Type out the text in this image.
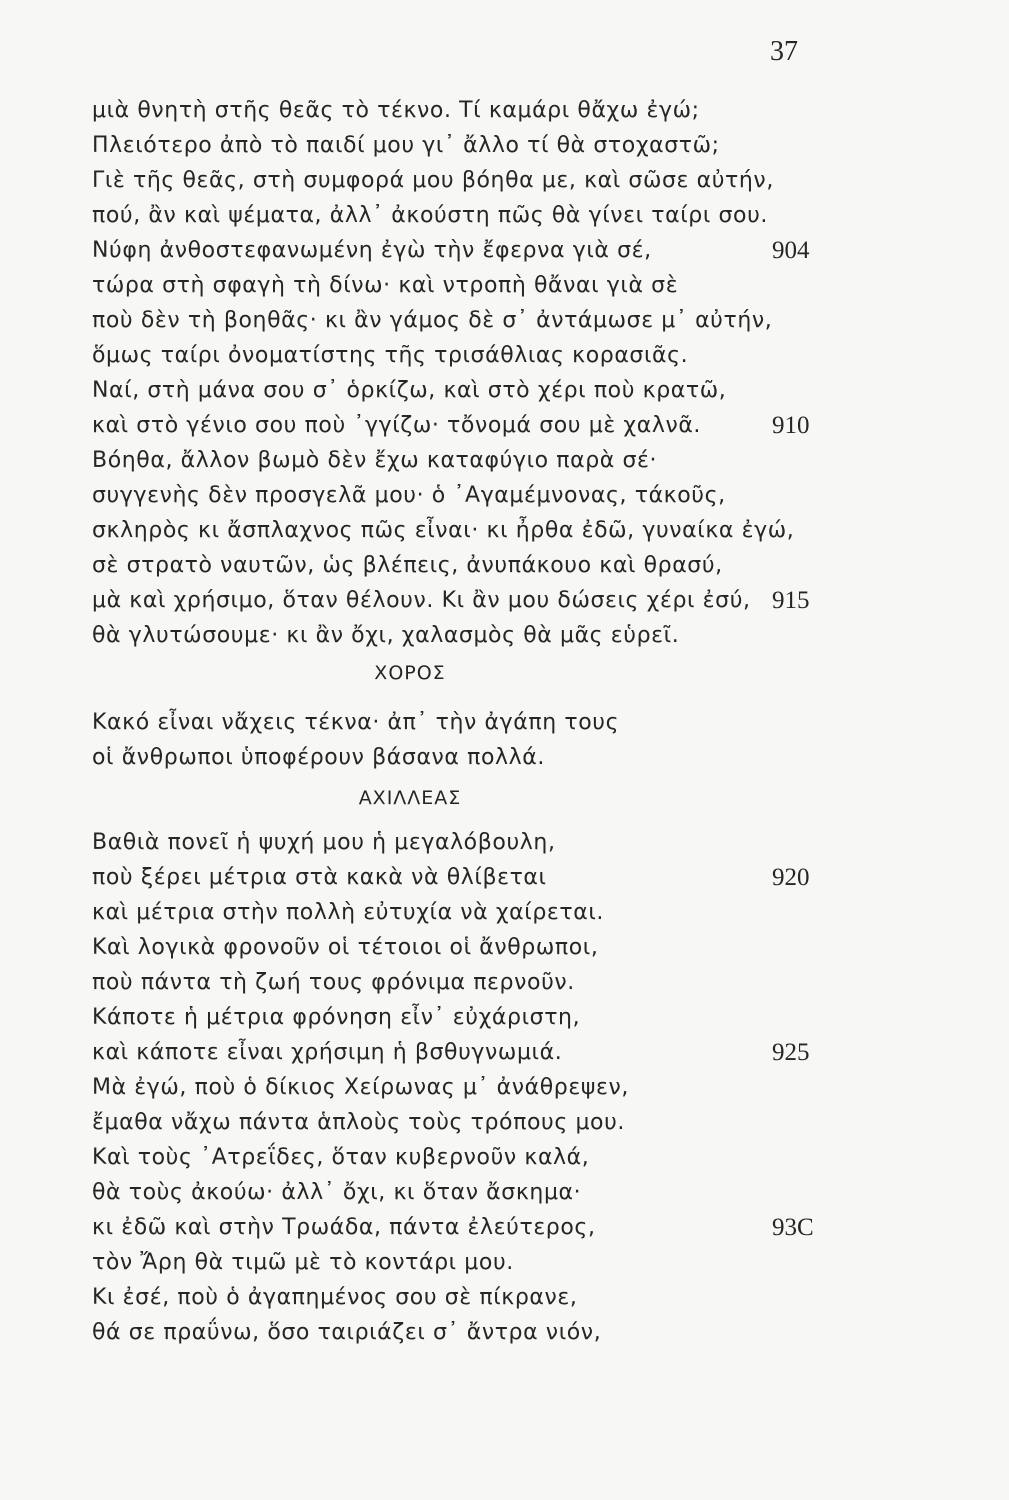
37
μιὰ θνητὴ στῆς θεᾶς τὸ τέκνο. Τί καμάρι θἄχω ἐγώ;
Πλειότερο ἀπὸ τὸ παιδί μου γι᾽ ἄλλο τί θὰ στοχαστῶ;
Γιὲ τῆς θεᾶς, στὴ συμφορά μου βόηθα με, καὶ σῶσε αὐτήν,
πού, ἂν καὶ ψέματα, ἀλλ᾽ ἀκούστη πῶς θὰ γίνει ταίρι σου.
Νύφη ἀνθοστεφανωμένη ἐγὼ τὴν ἔφερνα γιὰ σέ,	904
τώρα στὴ σφαγὴ τὴ δίνω· καὶ ντροπὴ θἄναι γιὰ σὲ
ποὺ δὲν τὴ βοηθᾶς· κι ἂν γάμος δὲ σ᾽ ἀντάμωσε μ᾽ αὐτήν,
ὅμως ταίρι ὀνοματίστης τῆς τρισάθλιας κορασιᾶς.
Ναί, στὴ μάνα σου σ᾽ ὁρκίζω, καὶ στὸ χέρι ποὺ κρατῶ,
καὶ στὸ γένιο σου ποὺ ᾽γγίζω· τὄνομά σου μὲ χαλνᾶ.	910
Βόηθα, ἄλλον βωμὸ δὲν ἔχω καταφύγιο παρὰ σέ·
συγγενὴς δὲν προσγελᾶ μου· ὁ ᾽Αγαμέμνονας, τάκοῦς,
σκληρὸς κι ἄσπλαχνος πῶς εἶναι· κι ἦρθα ἐδῶ, γυναίκα ἐγώ,
σὲ στρατὸ ναυτῶν, ὡς βλέπεις, ἀνυπάκουο καὶ θρασύ,
μὰ καὶ χρήσιμο, ὅταν θέλουν. Κι ἂν μου δώσεις χέρι ἐσύ, 915
θὰ γλυτώσουμε· κι ἂν ὄχι, χαλασμὸς θὰ μᾶς εὑρεῖ.
ΧΟΡΟΣ
Κακό εἶναι νἄχεις τέκνα· ἀπ᾽ τὴν ἀγάπη τους
οἱ ἄνθρωποι ὑποφέρουν βάσανα πολλά.
ΑΧΙΛΛΕΑΣ
Βαθιὰ πονεῖ ἡ ψυχή μου ἡ μεγαλόβουλη,
ποὺ ξέρει μέτρια στὰ κακὰ νὰ θλίβεται	920
καὶ μέτρια στὴν πολλὴ εὐτυχία νὰ χαίρεται.
Καὶ λογικὰ φρονοῦν οἱ τέτοιοι οἱ ἄνθρωποι,
ποὺ πάντα τὴ ζωή τους φρόνιμα περνοῦν.
Κάποτε ἡ μέτρια φρόνηση εἶν᾽ εὐχάριστη,
καὶ κάποτε εἶναι χρήσιμη ἡ βσθυγνωμιά.	925
Μὰ ἐγώ, ποὺ ὁ δίκιος Χείρωνας μ᾽ ἀνάθρεψεν,
ἔμαθα νἄχω πάντα ἁπλοὺς τοὺς τρόπους μου.
Καὶ τοὺς ᾽Ατρεΐδες, ὅταν κυβερνοῦν καλά,
θὰ τοὺς ἀκούω· ἀλλ᾽ ὄχι, κι ὅταν ἄσκημα·
κι ἐδῶ καὶ στὴν Τρωάδα, πάντα ἐλεύτερος,	93C
τὸν Ἄρη θὰ τιμῶ μὲ τὸ κοντάρι μου.
Κι ἐσέ, ποὺ ὁ ἀγαπημένος σου σὲ πίκρανε,
θά σε πραΰνω, ὅσο ταιριάζει σ᾽ ἄντρα νιόν,
